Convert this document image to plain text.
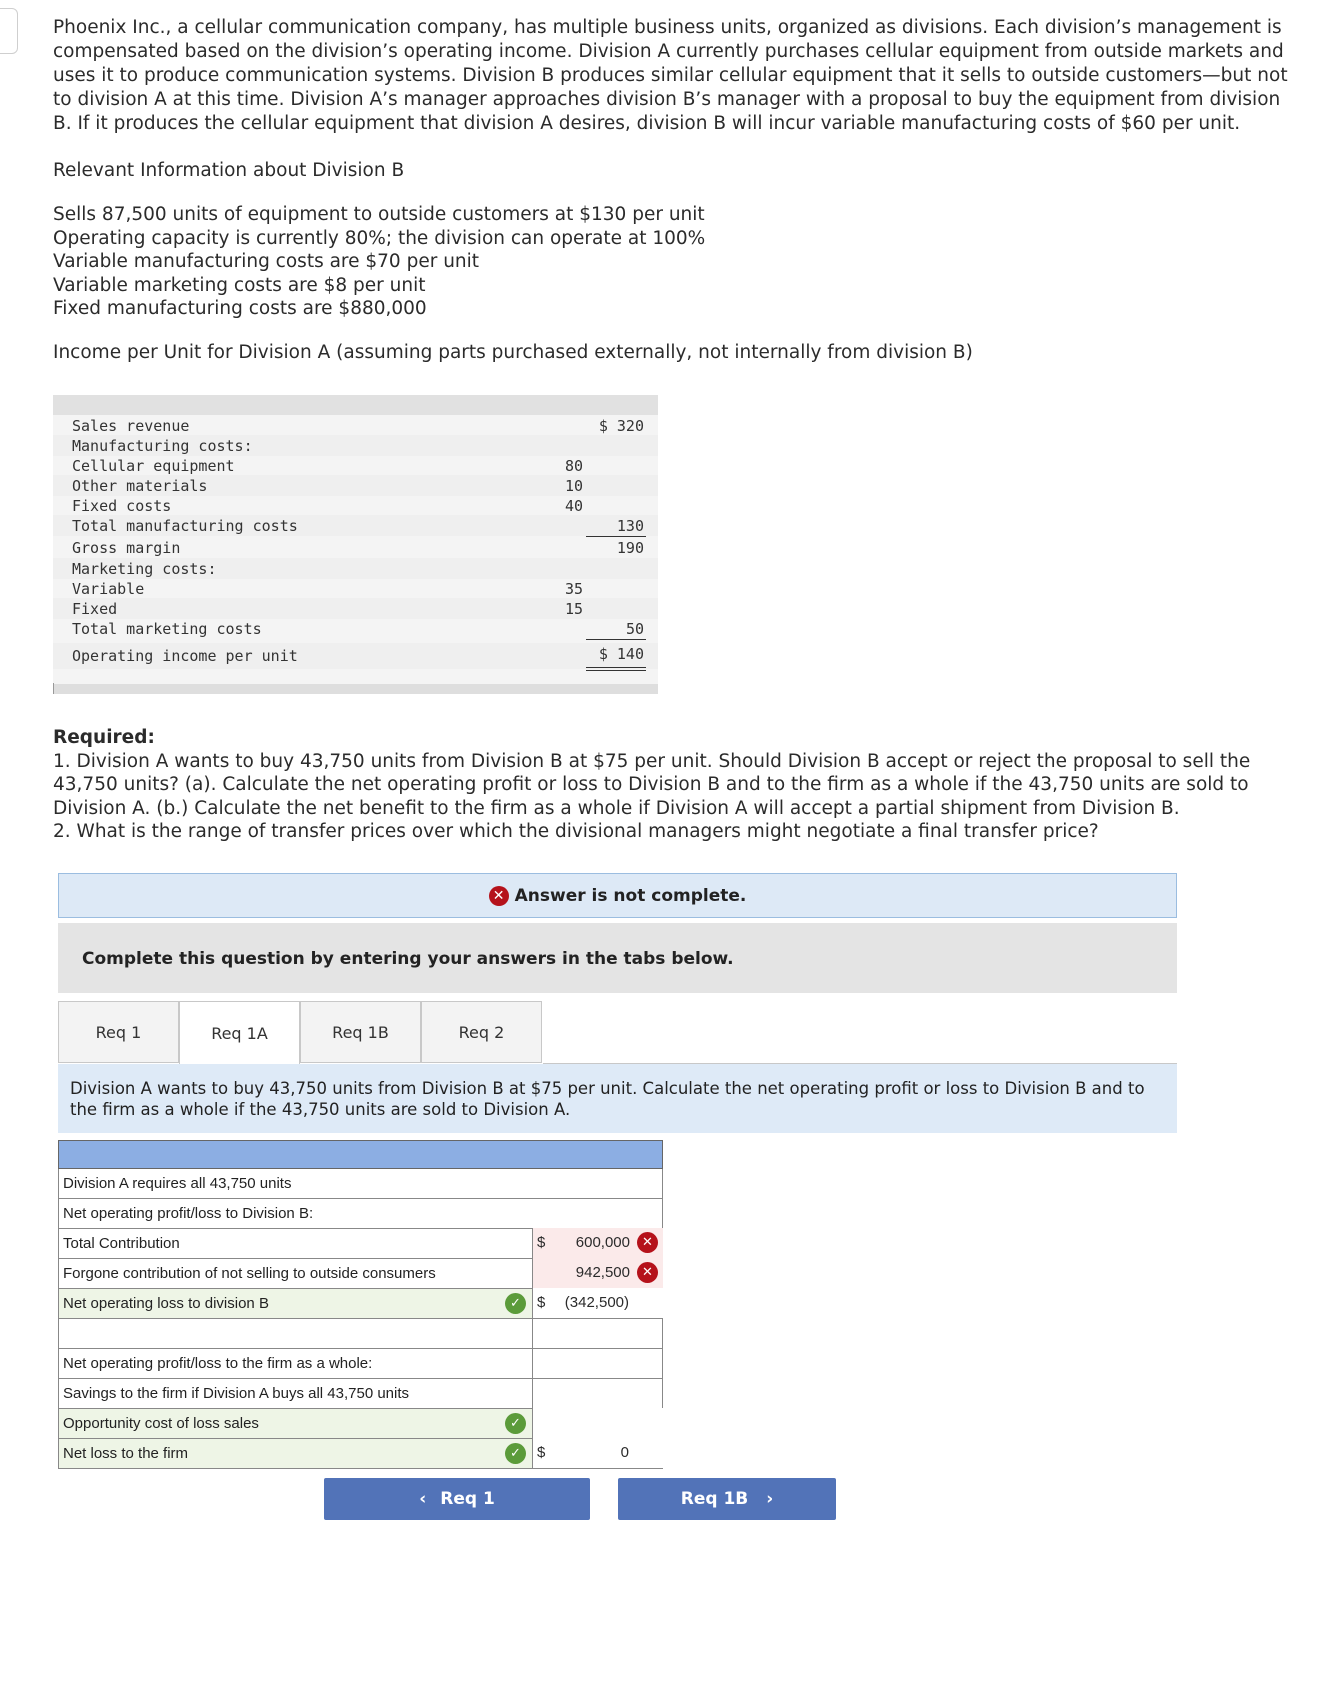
Phoenix Inc., a cellular communication company, has multiple business units, organized as divisions. Each division’s management is compensated based on the division’s operating income. Division A currently purchases cellular equipment from outside markets and uses it to produce communication systems. Division B produces similar cellular equipment that it sells to outside customers—but not to division A at this time. Division A’s manager approaches division B’s manager with a proposal to buy the equipment from division B. If it produces the cellular equipment that division A desires, division B will incur variable manufacturing costs of $60 per unit.

Relevant Information about Division B

Sells 87,500 units of equipment to outside customers at $130 per unit
Operating capacity is currently 80%; the division can operate at 100%
Variable manufacturing costs are $70 per unit
Variable marketing costs are $8 per unit
Fixed manufacturing costs are $880,000

Income per Unit for Division A (assuming parts purchased externally, not internally from division B)

Sales revenue	$ 320
Manufacturing costs:
Cellular equipment	80
Other materials	10
Fixed costs	40
Total manufacturing costs	130
Gross margin	190
Marketing costs:
Variable	35
Fixed	15
Total marketing costs	50
Operating income per unit	$ 140
Required:
1. Division A wants to buy 43,750 units from Division B at $75 per unit. Should Division B accept or reject the proposal to sell the 43,750 units? (a). Calculate the net operating profit or loss to Division B and to the firm as a whole if the 43,750 units are sold to Division A. (b.) Calculate the net benefit to the firm as a whole if Division A will accept a partial shipment from Division B.
2. What is the range of transfer prices over which the divisional managers might negotiate a final transfer price?
✕ Answer is not complete.
Complete this question by entering your answers in the tabs below.
Req 1	Req 1A	Req 1B	Req 2
Division A wants to buy 43,750 units from Division B at $75 per unit. Calculate the net operating profit or loss to Division B and to the firm as a whole if the 43,750 units are sold to Division A.
Division A requires all 43,750 units
Net operating profit/loss to Division B:
Total Contribution	$ 600,000 ✕
Forgone contribution of not selling to outside consumers	942,500 ✕
Net operating loss to division B	✓	$ (342,500)
Net operating profit/loss to the firm as a whole:
Savings to the firm if Division A buys all 43,750 units
Opportunity cost of loss sales	✓
Net loss to the firm	✓	$	0
‹ Req 1	Req 1B ›
